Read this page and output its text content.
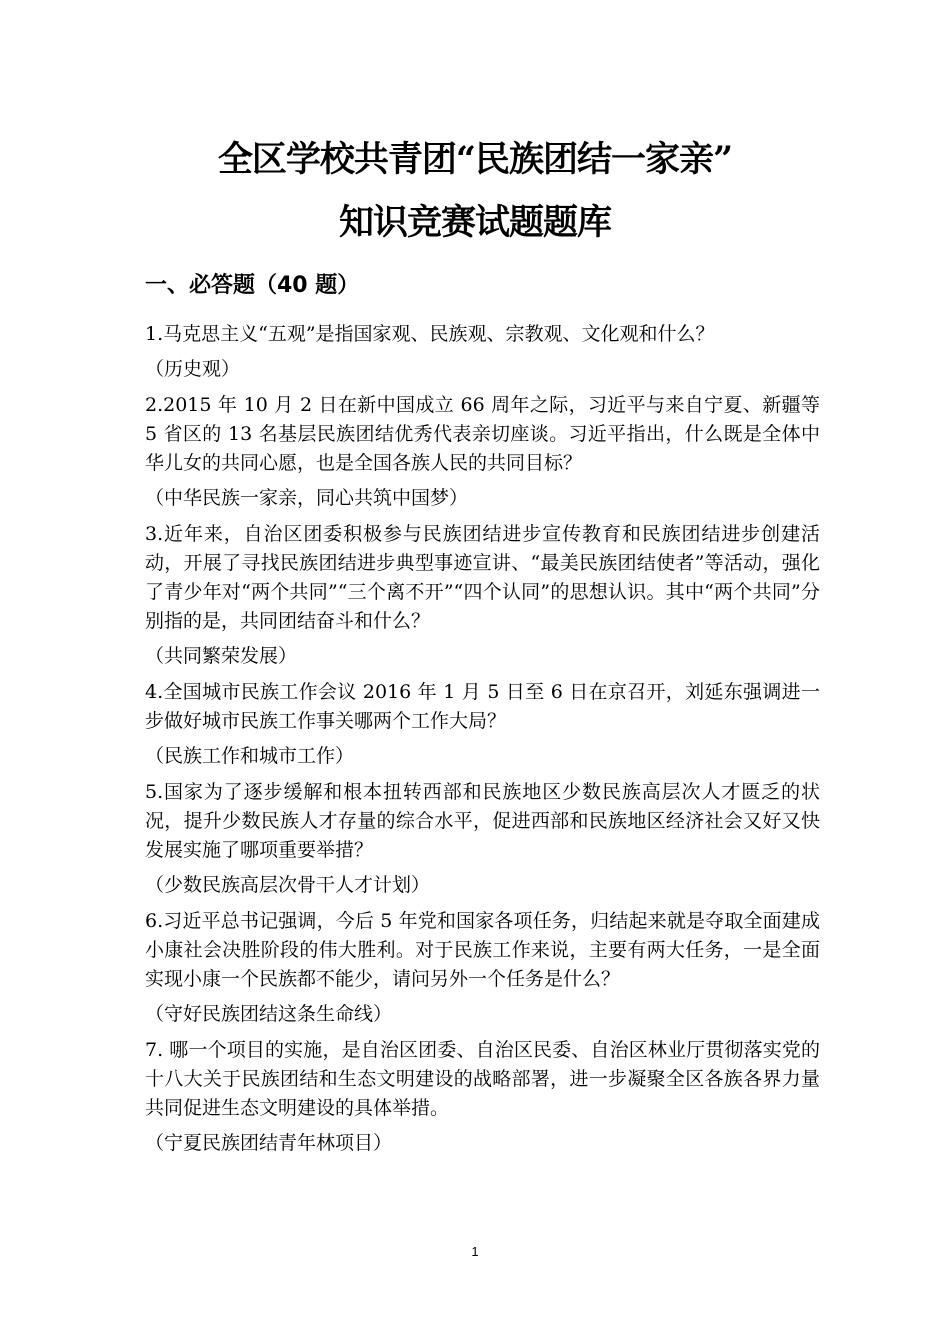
全区学校共青团“民族团结一家亲”
知识竞赛试题题库
一、必答题（40 题）

1.马克思主义“五观”是指国家观、民族观、宗教观、文化观和什么？

（历史观）

2.2015 年 10 月 2 日在新中国成立 66 周年之际，习近平与来自宁夏、新疆等 5 省区的 13 名基层民族团结优秀代表亲切座谈。习近平指出，什么既是全体中华儿女的共同心愿，也是全国各族人民的共同目标？

（中华民族一家亲，同心共筑中国梦）

3.近年来，自治区团委积极参与民族团结进步宣传教育和民族团结进步创建活动，开展了寻找民族团结进步典型事迹宣讲、“最美民族团结使者”等活动，强化了青少年对“两个共同”“三个离不开”“四个认同”的思想认识。其中“两个共同”分别指的是，共同团结奋斗和什么？

（共同繁荣发展）

4.全国城市民族工作会议 2016 年 1 月 5 日至 6 日在京召开，刘延东强调进一步做好城市民族工作事关哪两个工作大局？

（民族工作和城市工作）

5.国家为了逐步缓解和根本扭转西部和民族地区少数民族高层次人才匮乏的状况，提升少数民族人才存量的综合水平，促进西部和民族地区经济社会又好又快发展实施了哪项重要举措？

（少数民族高层次骨干人才计划）

6.习近平总书记强调，今后 5 年党和国家各项任务，归结起来就是夺取全面建成小康社会决胜阶段的伟大胜利。对于民族工作来说，主要有两大任务，一是全面实现小康一个民族都不能少，请问另外一个任务是什么？

（守好民族团结这条生命线）

7. 哪一个项目的实施，是自治区团委、自治区民委、自治区林业厅贯彻落实党的十八大关于民族团结和生态文明建设的战略部署，进一步凝聚全区各族各界力量共同促进生态文明建设的具体举措。

（宁夏民族团结青年林项目）

1
